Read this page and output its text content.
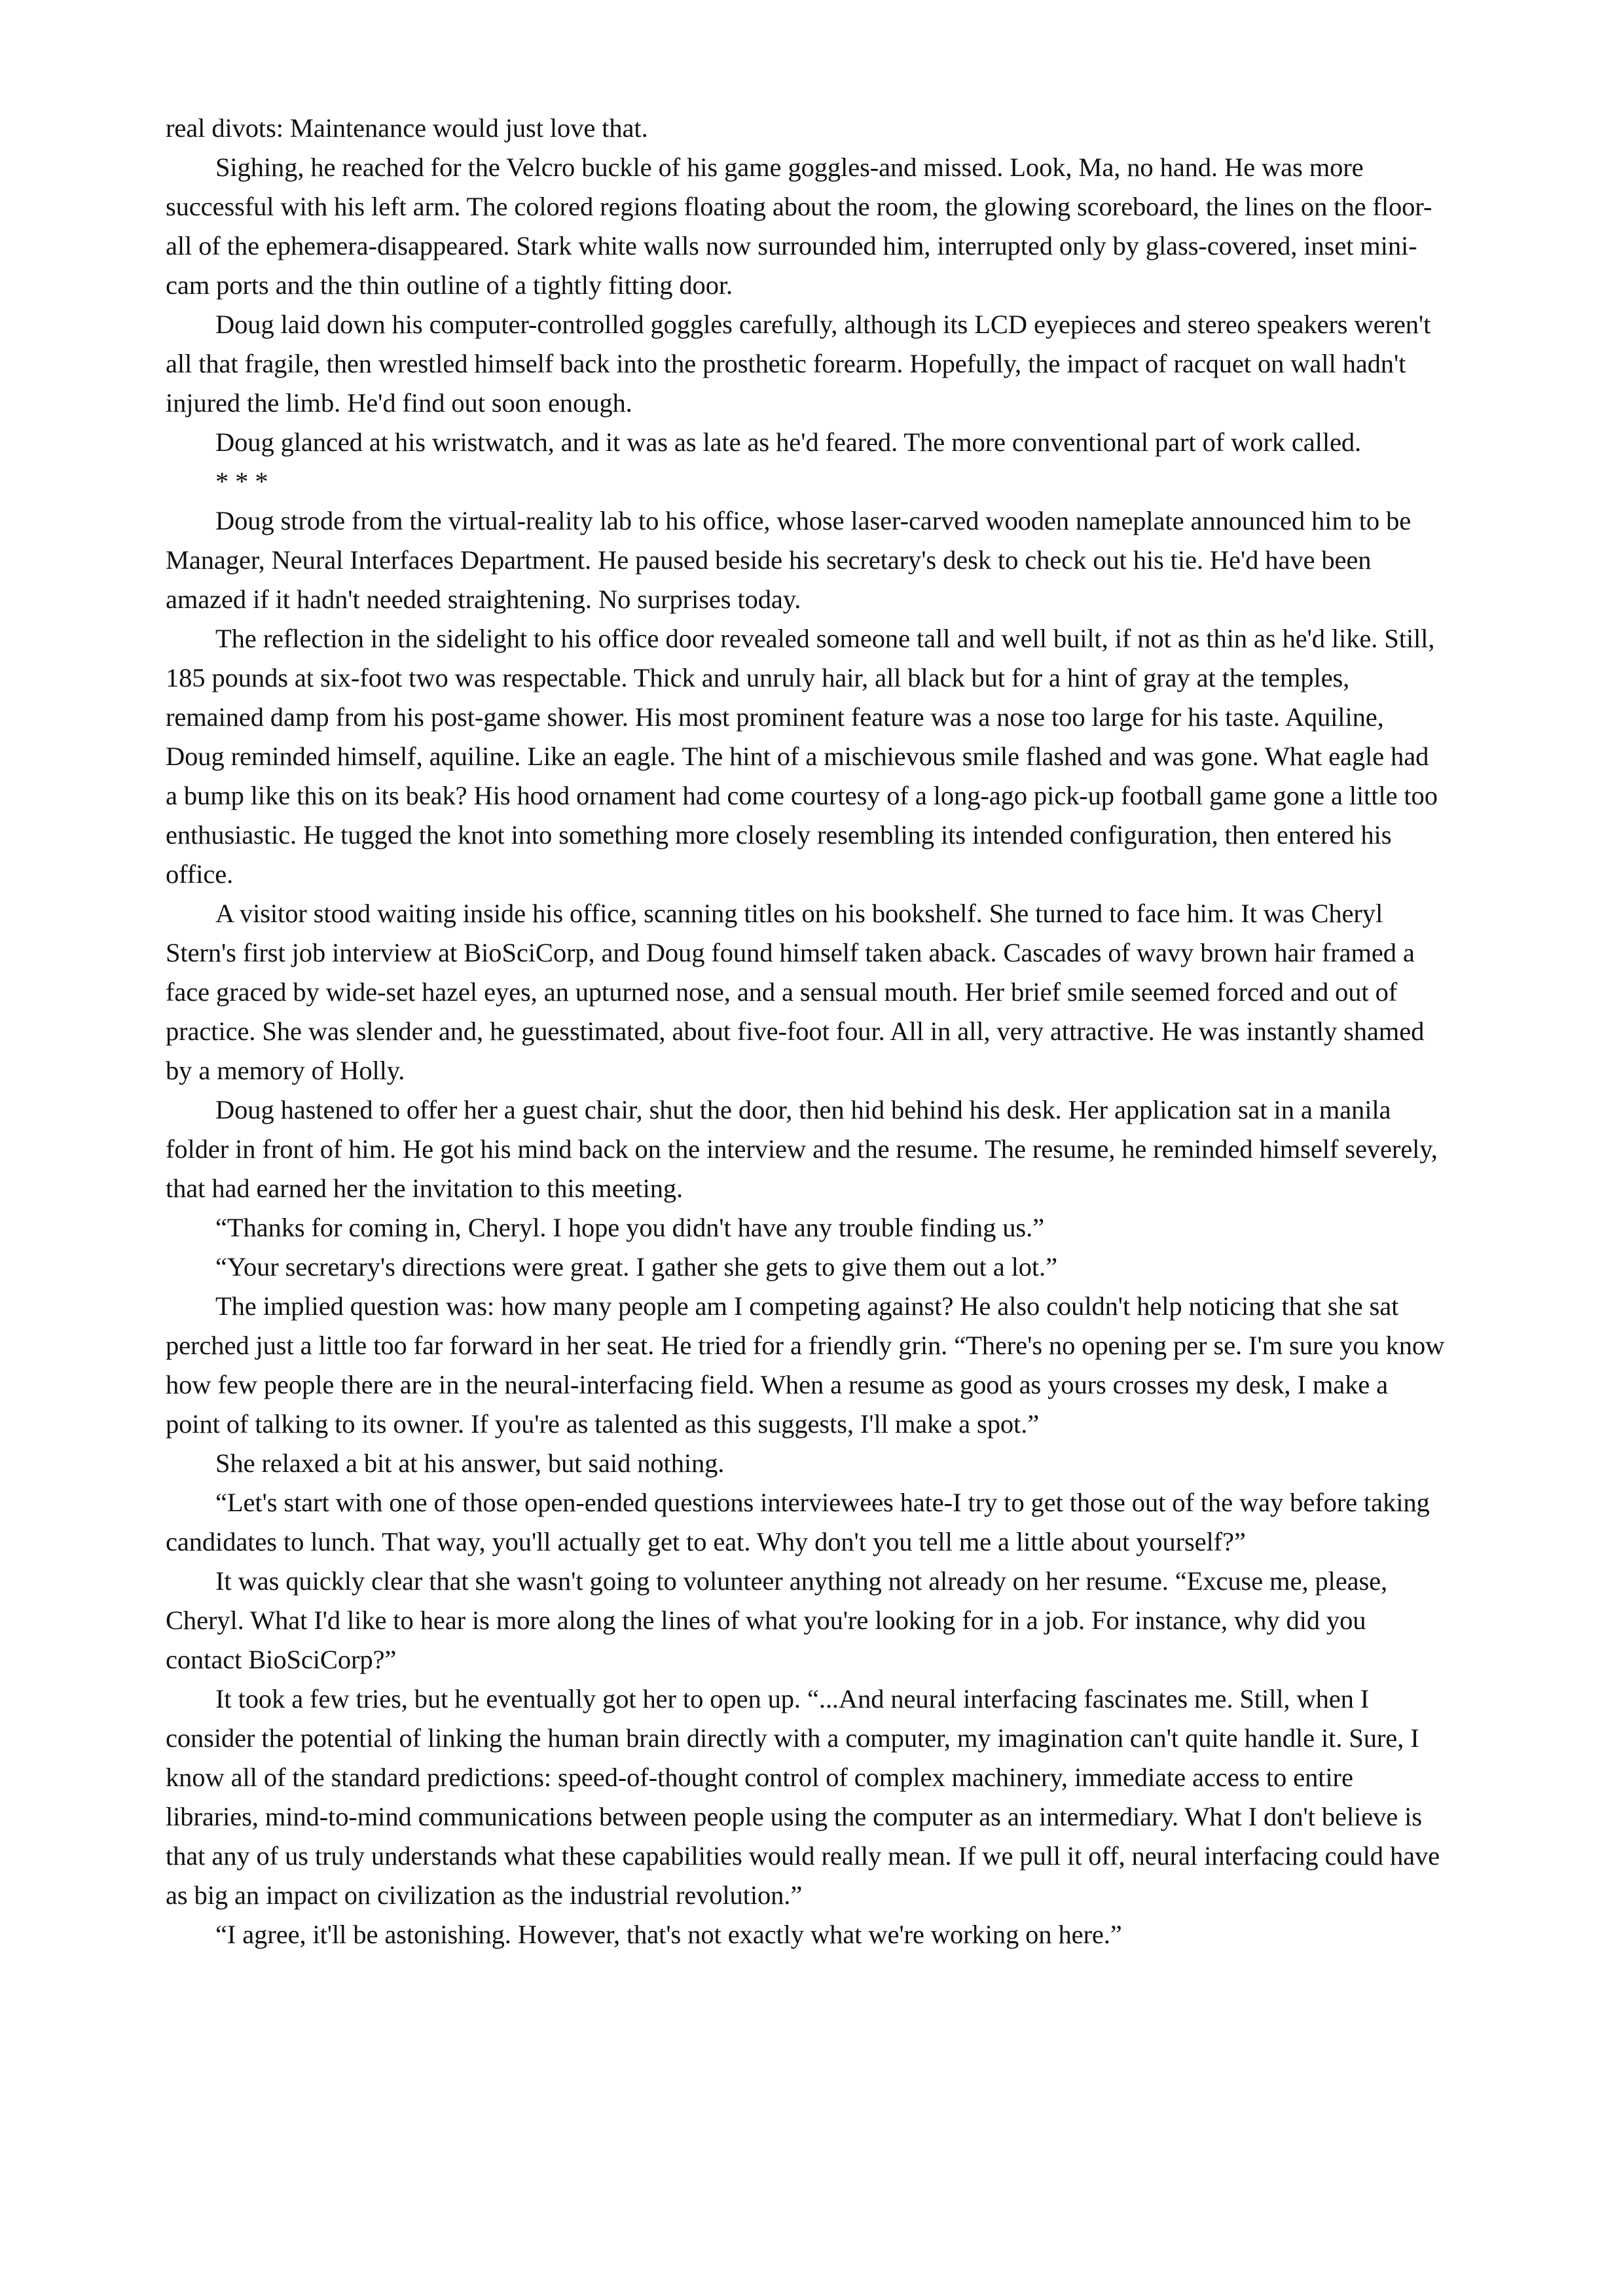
real divots: Maintenance would just love that.

Sighing, he reached for the Velcro buckle of his game goggles-and missed. Look, Ma, no hand. He was more successful with his left arm. The colored regions floating about the room, the glowing scoreboard, the lines on the floor-all of the ephemera-disappeared. Stark white walls now surrounded him, interrupted only by glass-covered, inset mini-cam ports and the thin outline of a tightly fitting door.

Doug laid down his computer-controlled goggles carefully, although its LCD eyepieces and stereo speakers weren't all that fragile, then wrestled himself back into the prosthetic forearm. Hopefully, the impact of racquet on wall hadn't injured the limb. He'd find out soon enough.

Doug glanced at his wristwatch, and it was as late as he'd feared. The more conventional part of work called.

* * *

Doug strode from the virtual-reality lab to his office, whose laser-carved wooden nameplate announced him to be Manager, Neural Interfaces Department. He paused beside his secretary's desk to check out his tie. He'd have been amazed if it hadn't needed straightening. No surprises today.

The reflection in the sidelight to his office door revealed someone tall and well built, if not as thin as he'd like. Still, 185 pounds at six-foot two was respectable. Thick and unruly hair, all black but for a hint of gray at the temples, remained damp from his post-game shower. His most prominent feature was a nose too large for his taste. Aquiline, Doug reminded himself, aquiline. Like an eagle. The hint of a mischievous smile flashed and was gone. What eagle had a bump like this on its beak? His hood ornament had come courtesy of a long-ago pick-up football game gone a little too enthusiastic. He tugged the knot into something more closely resembling its intended configuration, then entered his office.

A visitor stood waiting inside his office, scanning titles on his bookshelf. She turned to face him. It was Cheryl Stern's first job interview at BioSciCorp, and Doug found himself taken aback. Cascades of wavy brown hair framed a face graced by wide-set hazel eyes, an upturned nose, and a sensual mouth. Her brief smile seemed forced and out of practice. She was slender and, he guesstimated, about five-foot four. All in all, very attractive. He was instantly shamed by a memory of Holly.

Doug hastened to offer her a guest chair, shut the door, then hid behind his desk. Her application sat in a manila folder in front of him. He got his mind back on the interview and the resume. The resume, he reminded himself severely, that had earned her the invitation to this meeting.

“Thanks for coming in, Cheryl. I hope you didn't have any trouble finding us.”

“Your secretary's directions were great. I gather she gets to give them out a lot.”

The implied question was: how many people am I competing against? He also couldn't help noticing that she sat perched just a little too far forward in her seat. He tried for a friendly grin. “There's no opening per se. I'm sure you know how few people there are in the neural-interfacing field. When a resume as good as yours crosses my desk, I make a point of talking to its owner. If you're as talented as this suggests, I'll make a spot.”

She relaxed a bit at his answer, but said nothing.

“Let's start with one of those open-ended questions interviewees hate-I try to get those out of the way before taking candidates to lunch. That way, you'll actually get to eat. Why don't you tell me a little about yourself?”

It was quickly clear that she wasn't going to volunteer anything not already on her resume. “Excuse me, please, Cheryl. What I'd like to hear is more along the lines of what you're looking for in a job. For instance, why did you contact BioSciCorp?”

It took a few tries, but he eventually got her to open up. “...And neural interfacing fascinates me. Still, when I consider the potential of linking the human brain directly with a computer, my imagination can't quite handle it. Sure, I know all of the standard predictions: speed-of-thought control of complex machinery, immediate access to entire libraries, mind-to-mind communications between people using the computer as an intermediary. What I don't believe is that any of us truly understands what these capabilities would really mean. If we pull it off, neural interfacing could have as big an impact on civilization as the industrial revolution.”

“I agree, it'll be astonishing. However, that's not exactly what we're working on here.”
